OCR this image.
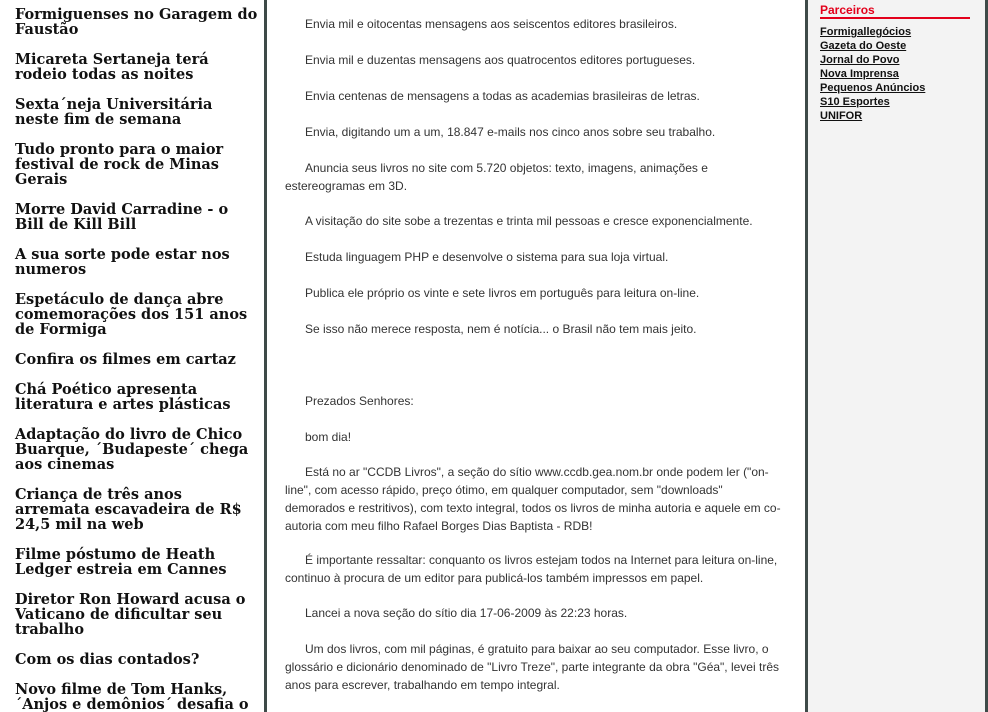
Formiguenses no Garagem do Faustão
Micareta Sertaneja terá rodeio todas as noites
Sexta´neja Universitária neste fim de semana
Tudo pronto para o maior festival de rock de Minas Gerais
Morre David Carradine - o Bill de Kill Bill
A sua sorte pode estar nos numeros
Espetáculo de dança abre comemorações dos 151 anos de Formiga
Confira os filmes em cartaz
Chá Poético apresenta literatura e artes plásticas
Adaptação do livro de Chico Buarque, ´Budapeste´ chega aos cinemas
Criança de três anos arremata escavadeira de R$ 24,5 mil na web
Filme póstumo de Heath Ledger estreia em Cannes
Diretor Ron Howard acusa o Vaticano de dificultar seu trabalho
Com os dias contados?
Novo filme de Tom Hanks, ´Anjos e demônios´ desafia o
Envia mil e oitocentas mensagens aos seiscentos editores brasileiros.
Envia mil e duzentas mensagens aos quatrocentos editores portugueses.
Envia centenas de mensagens a todas as academias brasileiras de letras.
Envia, digitando um a um, 18.847 e-mails nos cinco anos sobre seu trabalho.
Anuncia seus livros no site com 5.720 objetos: texto, imagens, animações e estereogramas em 3D.
A visitação do site sobe a trezentas e trinta mil pessoas e cresce exponencialmente.
Estuda linguagem PHP e desenvolve o sistema para sua loja virtual.
Publica ele próprio os vinte e sete livros em português para leitura on-line.
Se isso não merece resposta, nem é notícia... o Brasil não tem mais jeito.
Prezados Senhores:
bom dia!
Está no ar "CCDB Livros", a seção do sítio www.ccdb.gea.nom.br onde podem ler ("on-line", com acesso rápido, preço ótimo, em qualquer computador, sem "downloads" demorados e restritivos), com texto integral, todos os livros de minha autoria e aquele em co-autoria com meu filho Rafael Borges Dias Baptista - RDB!
É importante ressaltar: conquanto os livros estejam todos na Internet para leitura on-line, continuo à procura de um editor para publicá-los também impressos em papel.
Lancei a nova seção do sítio dia 17-06-2009 às 22:23 horas.
Um dos livros, com mil páginas, é gratuito para baixar ao seu computador. Esse livro, o glossário e dicionário denominado de "Livro Treze", parte integrante da obra "Géa", levei três anos para escrever, trabalhando em tempo integral.
Parceiros
Formigallegócios
Gazeta do Oeste
Jornal do Povo
Nova Imprensa
Pequenos Anúncios
S10 Esportes
UNIFOR
